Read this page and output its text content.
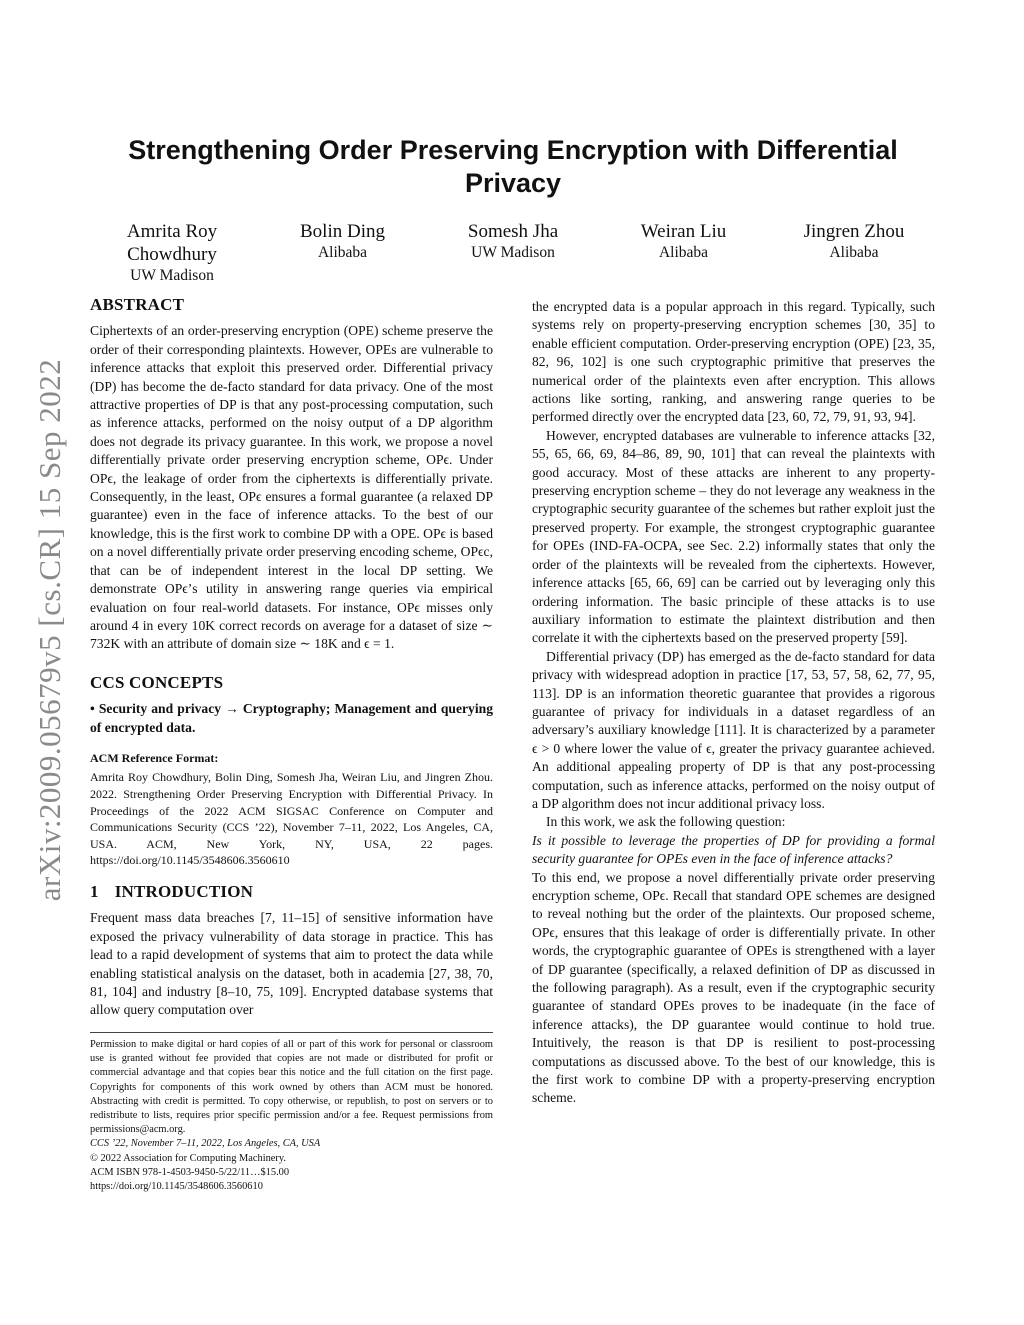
arXiv:2009.05679v5 [cs.CR] 15 Sep 2022
Strengthening Order Preserving Encryption with Differential Privacy
Amrita Roy Chowdhury
UW Madison
Bolin Ding
Alibaba
Somesh Jha
UW Madison
Weiran Liu
Alibaba
Jingren Zhou
Alibaba
ABSTRACT

Ciphertexts of an order-preserving encryption (OPE) scheme preserve the order of their corresponding plaintexts. However, OPEs are vulnerable to inference attacks that exploit this preserved order. Differential privacy (DP) has become the de-facto standard for data privacy. One of the most attractive properties of DP is that any post-processing computation, such as inference attacks, performed on the noisy output of a DP algorithm does not degrade its privacy guarantee. In this work, we propose a novel differentially private order preserving encryption scheme, OPϵ. Under OPϵ, the leakage of order from the ciphertexts is differentially private. Consequently, in the least, OPϵ ensures a formal guarantee (a relaxed DP guarantee) even in the face of inference attacks. To the best of our knowledge, this is the first work to combine DP with a OPE. OPϵ is based on a novel differentially private order preserving encoding scheme, OPϵc, that can be of independent interest in the local DP setting. We demonstrate OPϵ’s utility in answering range queries via empirical evaluation on four real-world datasets. For instance, OPϵ misses only around 4 in every 10K correct records on average for a dataset of size ∼ 732K with an attribute of domain size ∼ 18K and ϵ = 1.

CCS CONCEPTS

• Security and privacy → Cryptography; Management and querying of encrypted data.

ACM Reference Format:

Amrita Roy Chowdhury, Bolin Ding, Somesh Jha, Weiran Liu, and Jingren Zhou. 2022. Strengthening Order Preserving Encryption with Differential Privacy. In Proceedings of the 2022 ACM SIGSAC Conference on Computer and Communications Security (CCS ’22), November 7–11, 2022, Los Angeles, CA, USA. ACM, New York, NY, USA, 22 pages. https://doi.org/10.1145/3548606.3560610

1 INTRODUCTION

Frequent mass data breaches [7, 11–15] of sensitive information have exposed the privacy vulnerability of data storage in practice. This has lead to a rapid development of systems that aim to protect the data while enabling statistical analysis on the dataset, both in academia [27, 38, 70, 81, 104] and industry [8–10, 75, 109]. Encrypted database systems that allow query computation over

Permission to make digital or hard copies of all or part of this work for personal or classroom use is granted without fee provided that copies are not made or distributed for profit or commercial advantage and that copies bear this notice and the full citation on the first page. Copyrights for components of this work owned by others than ACM must be honored. Abstracting with credit is permitted. To copy otherwise, or republish, to post on servers or to redistribute to lists, requires prior specific permission and/or a fee. Request permissions from permissions@acm.org.

CCS ’22, November 7–11, 2022, Los Angeles, CA, USA

© 2022 Association for Computing Machinery.

ACM ISBN 978-1-4503-9450-5/22/11…$15.00

https://doi.org/10.1145/3548606.3560610

the encrypted data is a popular approach in this regard. Typically, such systems rely on property-preserving encryption schemes [30, 35] to enable efficient computation. Order-preserving encryption (OPE) [23, 35, 82, 96, 102] is one such cryptographic primitive that preserves the numerical order of the plaintexts even after encryption. This allows actions like sorting, ranking, and answering range queries to be performed directly over the encrypted data [23, 60, 72, 79, 91, 93, 94].

However, encrypted databases are vulnerable to inference attacks [32, 55, 65, 66, 69, 84–86, 89, 90, 101] that can reveal the plaintexts with good accuracy. Most of these attacks are inherent to any property-preserving encryption scheme – they do not leverage any weakness in the cryptographic security guarantee of the schemes but rather exploit just the preserved property. For example, the strongest cryptographic guarantee for OPEs (IND-FA-OCPA, see Sec. 2.2) informally states that only the order of the plaintexts will be revealed from the ciphertexts. However, inference attacks [65, 66, 69] can be carried out by leveraging only this ordering information. The basic principle of these attacks is to use auxiliary information to estimate the plaintext distribution and then correlate it with the ciphertexts based on the preserved property [59].

Differential privacy (DP) has emerged as the de-facto standard for data privacy with widespread adoption in practice [17, 53, 57, 58, 62, 77, 95, 113]. DP is an information theoretic guarantee that provides a rigorous guarantee of privacy for individuals in a dataset regardless of an adversary’s auxiliary knowledge [111]. It is characterized by a parameter ϵ > 0 where lower the value of ϵ, greater the privacy guarantee achieved. An additional appealing property of DP is that any post-processing computation, such as inference attacks, performed on the noisy output of a DP algorithm does not incur additional privacy loss.

In this work, we ask the following question:

Is it possible to leverage the properties of DP for providing a formal security guarantee for OPEs even in the face of inference attacks?

To this end, we propose a novel differentially private order preserving encryption scheme, OPϵ. Recall that standard OPE schemes are designed to reveal nothing but the order of the plaintexts. Our proposed scheme, OPϵ, ensures that this leakage of order is differentially private. In other words, the cryptographic guarantee of OPEs is strengthened with a layer of DP guarantee (specifically, a relaxed definition of DP as discussed in the following paragraph). As a result, even if the cryptographic security guarantee of standard OPEs proves to be inadequate (in the face of inference attacks), the DP guarantee would continue to hold true. Intuitively, the reason is that DP is resilient to post-processing computations as discussed above. To the best of our knowledge, this is the first work to combine DP with a property-preserving encryption scheme.
